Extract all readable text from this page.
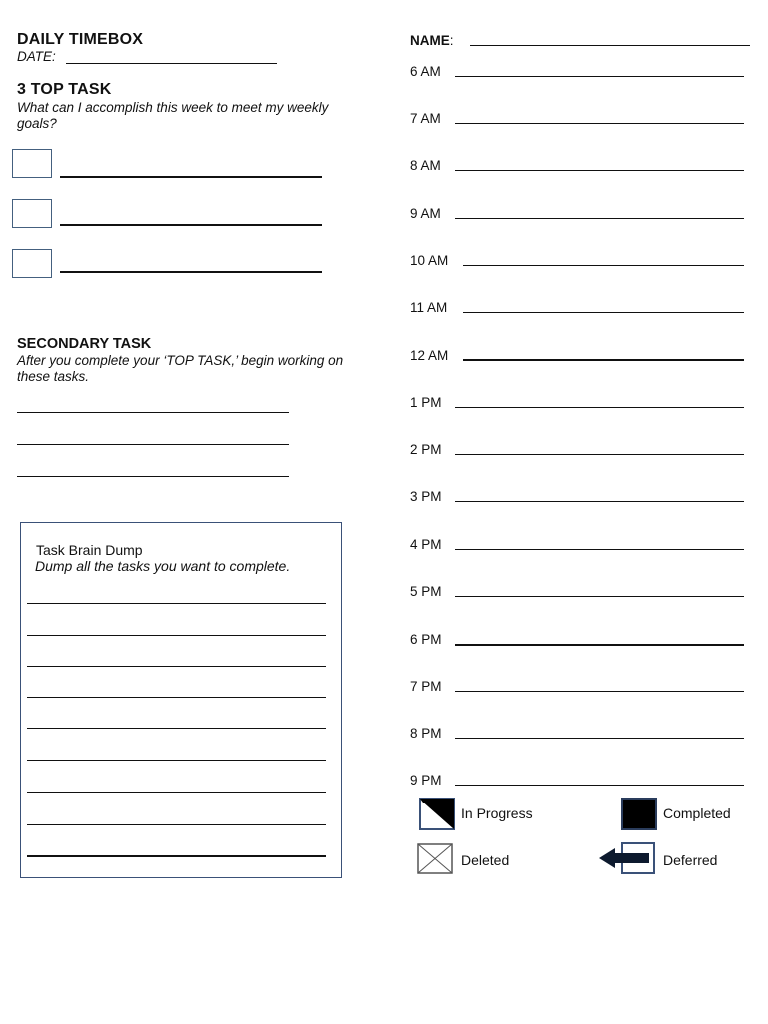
DAILY TIMEBOX
DATE:
3 TOP TASK
What can I accomplish this week to meet my weekly goals?
SECONDARY TASK
After you complete your ‘TOP TASK,’ begin working on these tasks.
Task Brain Dump
Dump all the tasks you want to complete.
NAME:
6 AM
7 AM
8 AM
9 AM
10 AM
11 AM
12 AM
1 PM
2 PM
3 PM
4 PM
5 PM
6 PM
7 PM
8 PM
9 PM
In Progress	Completed
Deleted	Deferred
